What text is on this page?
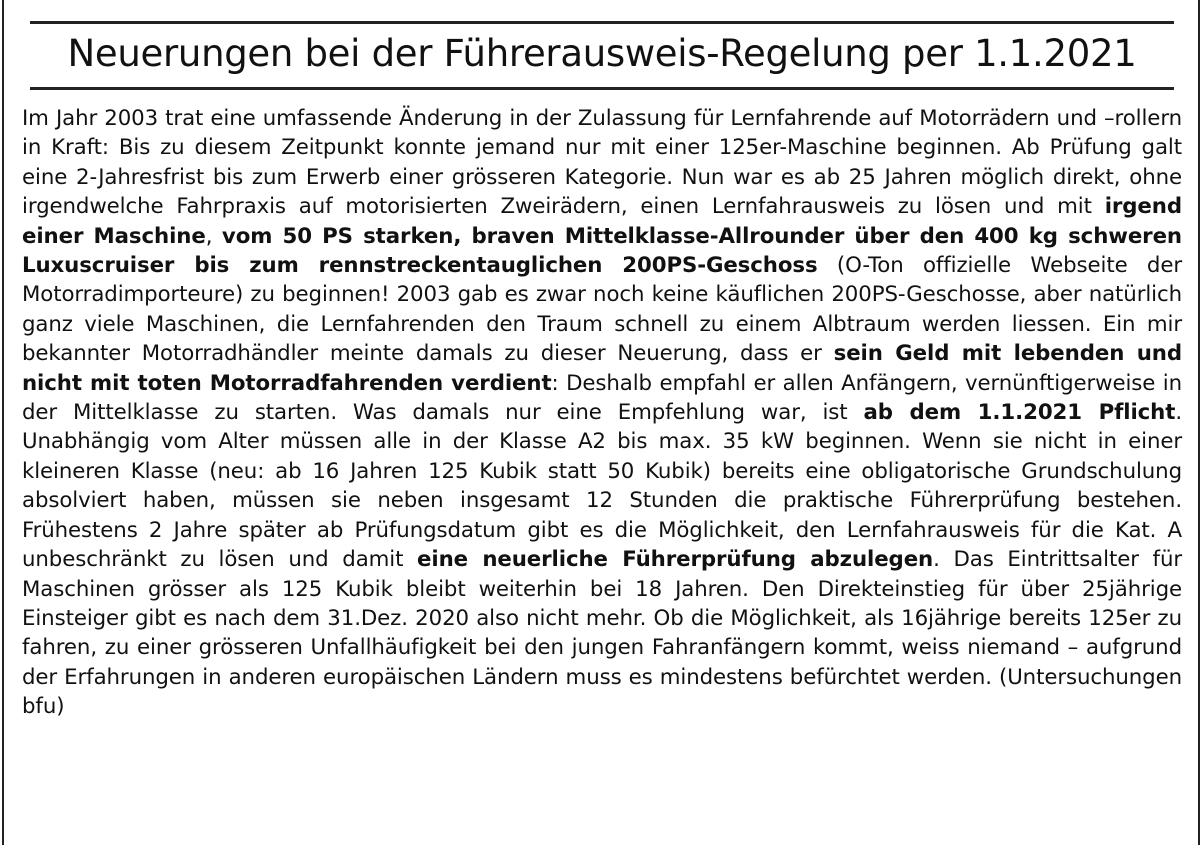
Neuerungen bei der Führerausweis-Regelung per 1.1.2021

Im Jahr 2003 trat eine umfassende Änderung in der Zulassung für Lernfahrende auf Motorrädern und –rollern in Kraft: Bis zu diesem Zeitpunkt konnte jemand nur mit einer 125er-Maschine beginnen. Ab Prüfung galt eine 2-Jahresfrist bis zum Erwerb einer grösseren Kategorie. Nun war es ab 25 Jahren möglich direkt, ohne irgendwelche Fahrpraxis auf motorisierten Zweirädern, einen Lernfahrausweis zu lösen und mit irgend einer Maschine, vom 50 PS starken, braven Mittelklasse-Allrounder über den 400 kg schweren Luxuscruiser bis zum rennstreckentauglichen 200PS-Geschoss (O-Ton offizielle Webseite der Motorradimporteure) zu beginnen! 2003 gab es zwar noch keine käuflichen 200PS-Geschosse, aber natürlich ganz viele Maschinen, die Lernfahrenden den Traum schnell zu einem Albtraum werden liessen. Ein mir bekannter Motorradhändler meinte damals zu dieser Neuerung, dass er sein Geld mit lebenden und nicht mit toten Motorradfahrenden verdient: Deshalb empfahl er allen Anfängern, vernünftigerweise in der Mittelklasse zu starten. Was damals nur eine Empfehlung war, ist ab dem 1.1.2021 Pflicht. Unabhängig vom Alter müssen alle in der Klasse A2 bis max. 35 kW beginnen. Wenn sie nicht in einer kleineren Klasse (neu: ab 16 Jahren 125 Kubik statt 50 Kubik) bereits eine obligatorische Grundschulung absolviert haben, müssen sie neben insgesamt 12 Stunden die praktische Führerprüfung bestehen. Frühestens 2 Jahre später ab Prüfungsdatum gibt es die Möglichkeit, den Lernfahrausweis für die Kat. A unbeschränkt zu lösen und damit eine neuerliche Führerprüfung abzulegen. Das Eintrittsalter für Maschinen grösser als 125 Kubik bleibt weiterhin bei 18 Jahren. Den Direkteinstieg für über 25jährige Einsteiger gibt es nach dem 31.Dez. 2020 also nicht mehr. Ob die Möglichkeit, als 16jährige bereits 125er zu fahren, zu einer grösseren Unfallhäufigkeit bei den jungen Fahranfängern kommt, weiss niemand – aufgrund der Erfahrungen in anderen europäischen Ländern muss es mindestens befürchtet werden. (Untersuchungen bfu)
